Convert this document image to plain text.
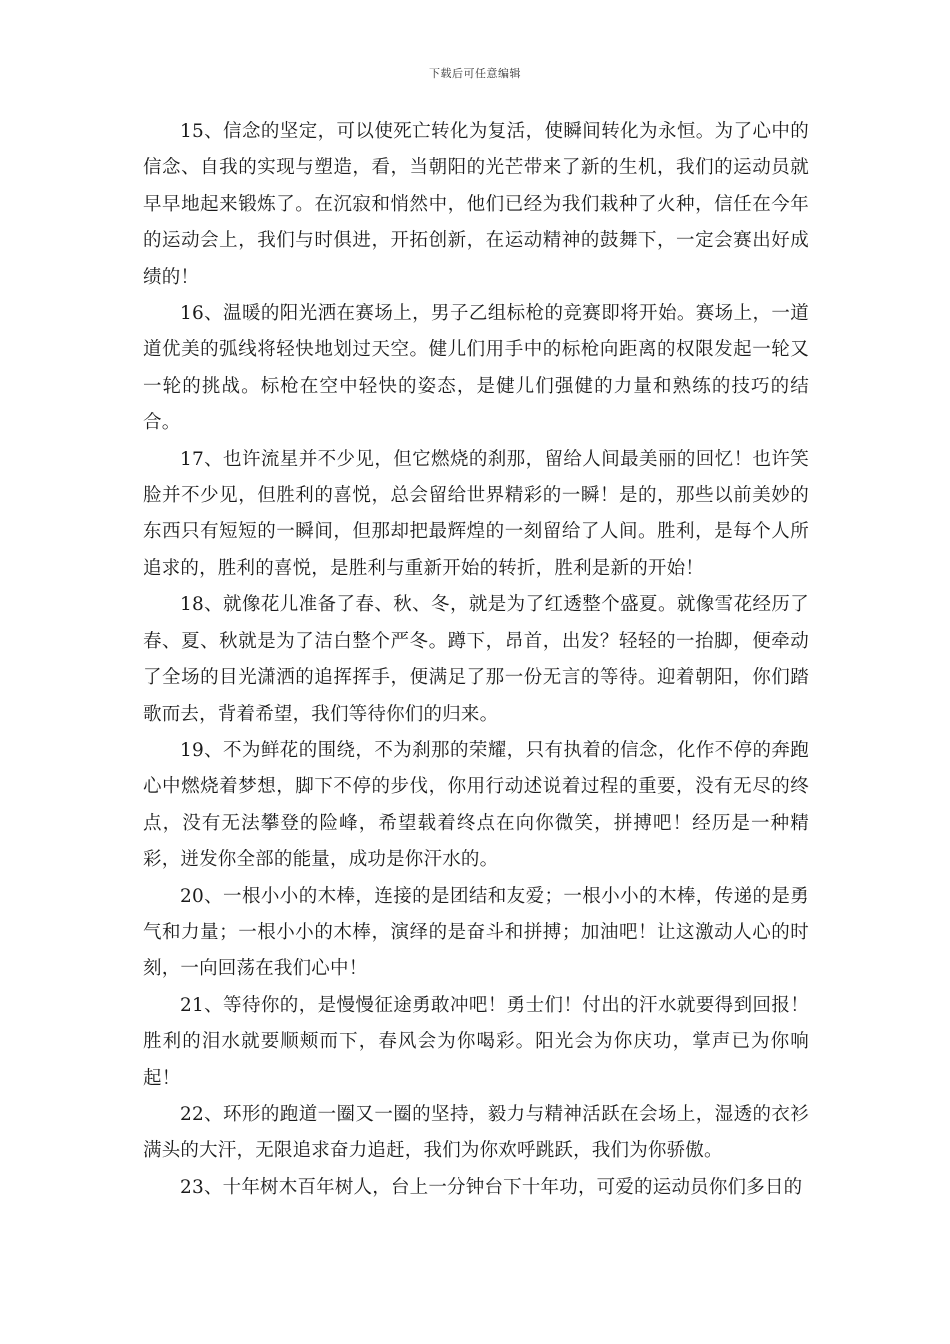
下载后可任意编辑

15、信念的坚定，可以使死亡转化为复活，使瞬间转化为永恒。为了心中的信念、自我的实现与塑造，看，当朝阳的光芒带来了新的生机，我们的运动员就早早地起来锻炼了。在沉寂和悄然中，他们已经为我们栽种了火种，信任在今年的运动会上，我们与时俱进，开拓创新，在运动精神的鼓舞下，一定会赛出好成绩的！

16、温暖的阳光洒在赛场上，男子乙组标枪的竞赛即将开始。赛场上，一道道优美的弧线将轻快地划过天空。健儿们用手中的标枪向距离的权限发起一轮又一轮的挑战。标枪在空中轻快的姿态，是健儿们强健的力量和熟练的技巧的结合。

17、也许流星并不少见，但它燃烧的刹那，留给人间最美丽的回忆！也许笑脸并不少见，但胜利的喜悦，总会留给世界精彩的一瞬！是的，那些以前美妙的东西只有短短的一瞬间，但那却把最辉煌的一刻留给了人间。胜利，是每个人所追求的，胜利的喜悦，是胜利与重新开始的转折，胜利是新的开始！

18、就像花儿准备了春、秋、冬，就是为了红透整个盛夏。就像雪花经历了春、夏、秋就是为了洁白整个严冬。蹲下，昂首，出发？轻轻的一抬脚，便牵动了全场的目光潇洒的追挥挥手，便满足了那一份无言的等待。迎着朝阳，你们踏歌而去，背着希望，我们等待你们的归来。

19、不为鲜花的围绕，不为刹那的荣耀，只有执着的信念，化作不停的奔跑心中燃烧着梦想，脚下不停的步伐，你用行动述说着过程的重要，没有无尽的终点，没有无法攀登的险峰，希望载着终点在向你微笑，拼搏吧！经历是一种精彩，迸发你全部的能量，成功是你汗水的。

20、一根小小的木棒，连接的是团结和友爱；一根小小的木棒，传递的是勇气和力量；一根小小的木棒，演绎的是奋斗和拼搏；加油吧！让这激动人心的时刻，一向回荡在我们心中！

21、等待你的，是慢慢征途勇敢冲吧！勇士们！付出的汗水就要得到回报！胜利的泪水就要顺颊而下，春风会为你喝彩。阳光会为你庆功，掌声已为你响起！

22、环形的跑道一圈又一圈的坚持，毅力与精神活跃在会场上，湿透的衣衫满头的大汗，无限追求奋力追赶，我们为你欢呼跳跃，我们为你骄傲。

23、十年树木百年树人，台上一分钟台下十年功，可爱的运动员你们多日的
